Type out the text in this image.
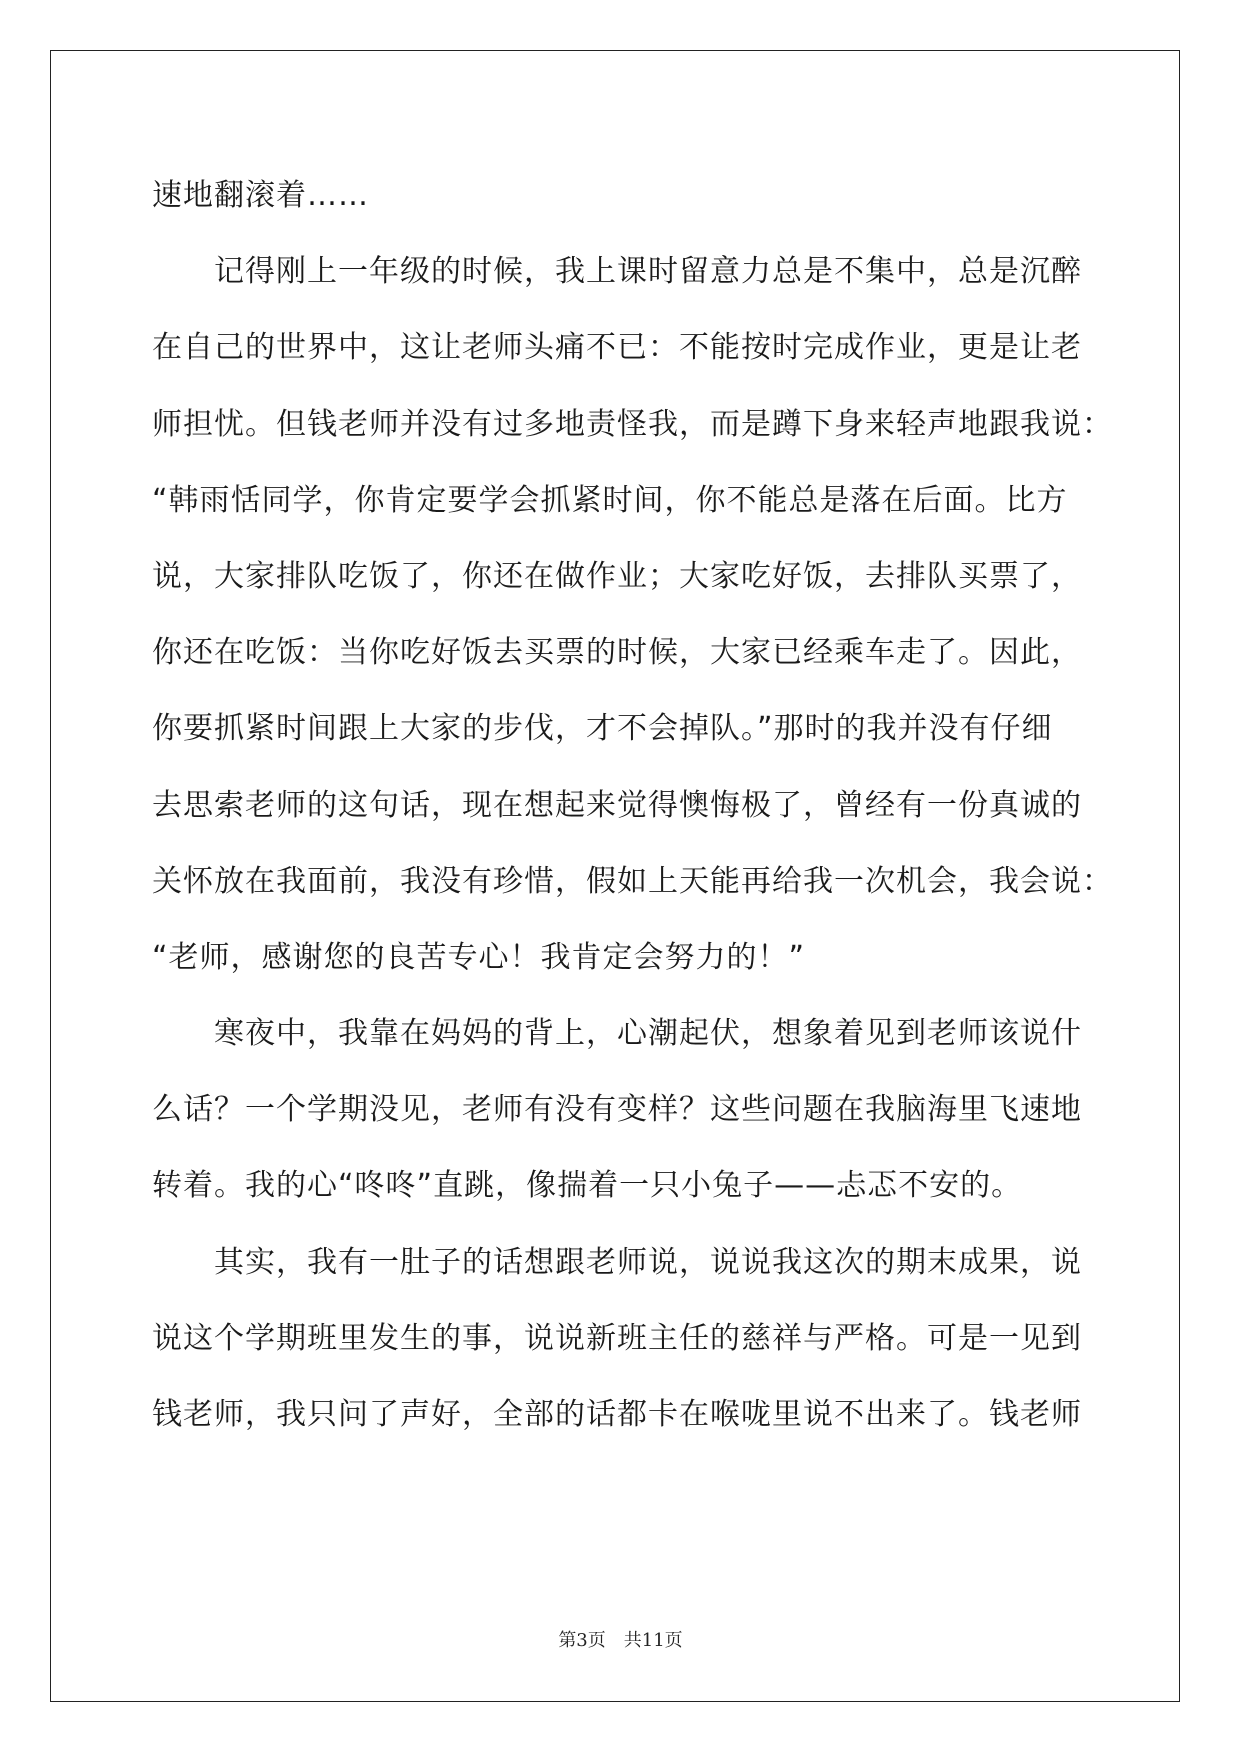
速地翻滚着……
记得刚上一年级的时候，我上课时留意力总是不集中，总是沉醉
在自己的世界中，这让老师头痛不已：不能按时完成作业，更是让老
师担忧。但钱老师并没有过多地责怪我，而是蹲下身来轻声地跟我说：
“韩雨恬同学，你肯定要学会抓紧时间，你不能总是落在后面。比方
说，大家排队吃饭了，你还在做作业；大家吃好饭，去排队买票了，
你还在吃饭：当你吃好饭去买票的时候，大家已经乘车走了。因此，
你要抓紧时间跟上大家的步伐，才不会掉队。”那时的我并没有仔细
去思索老师的这句话，现在想起来觉得懊悔极了，曾经有一份真诚的
关怀放在我面前，我没有珍惜，假如上天能再给我一次机会，我会说：
“老师，感谢您的良苦专心！我肯定会努力的！”
寒夜中，我靠在妈妈的背上，心潮起伏，想象着见到老师该说什
么话？一个学期没见，老师有没有变样？这些问题在我脑海里飞速地
转着。我的心“咚咚”直跳，像揣着一只小兔子——忐忑不安的。
其实，我有一肚子的话想跟老师说，说说我这次的期末成果，说
说这个学期班里发生的事，说说新班主任的慈祥与严格。可是一见到
钱老师，我只问了声好，全部的话都卡在喉咙里说不出来了。钱老师
第3页 共11页
